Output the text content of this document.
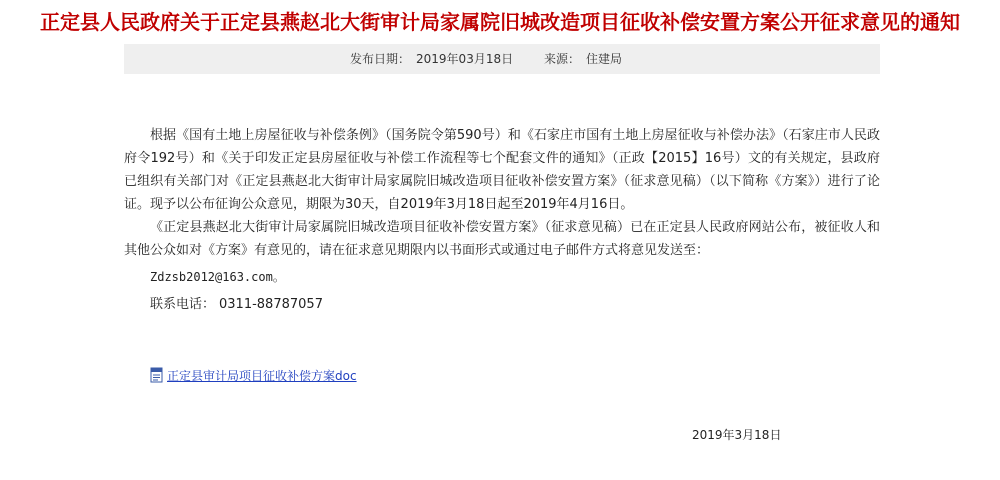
正定县人民政府关于正定县燕赵北大街审计局家属院旧城改造项目征收补偿安置方案公开征求意见的通知
发布日期： 2019年03月18日	来源： 住建局

根据《国有土地上房屋征收与补偿条例》（国务院令第590号）和《石家庄市国有土地上房屋征收与补偿办法》（石家庄市人民政府令192号）和《关于印发正定县房屋征收与补偿工作流程等七个配套文件的通知》（正政【2015】16号）文的有关规定，县政府已组织有关部门对《正定县燕赵北大街审计局家属院旧城改造项目征收补偿安置方案》（征求意见稿）（以下简称《方案》）进行了论证。现予以公布征询公众意见，期限为30天，自2019年3月18日起至2019年4月16日。

《正定县燕赵北大街审计局家属院旧城改造项目征收补偿安置方案》（征求意见稿）已在正定县人民政府网站公布，被征收人和其他公众如对《方案》有意见的，请在征求意见期限内以书面形式或通过电子邮件方式将意见发送至：

Zdzsb2012@163.com。

联系电话： 0311-88787057

正定县审计局项目征收补偿方案doc
2019年3月18日
